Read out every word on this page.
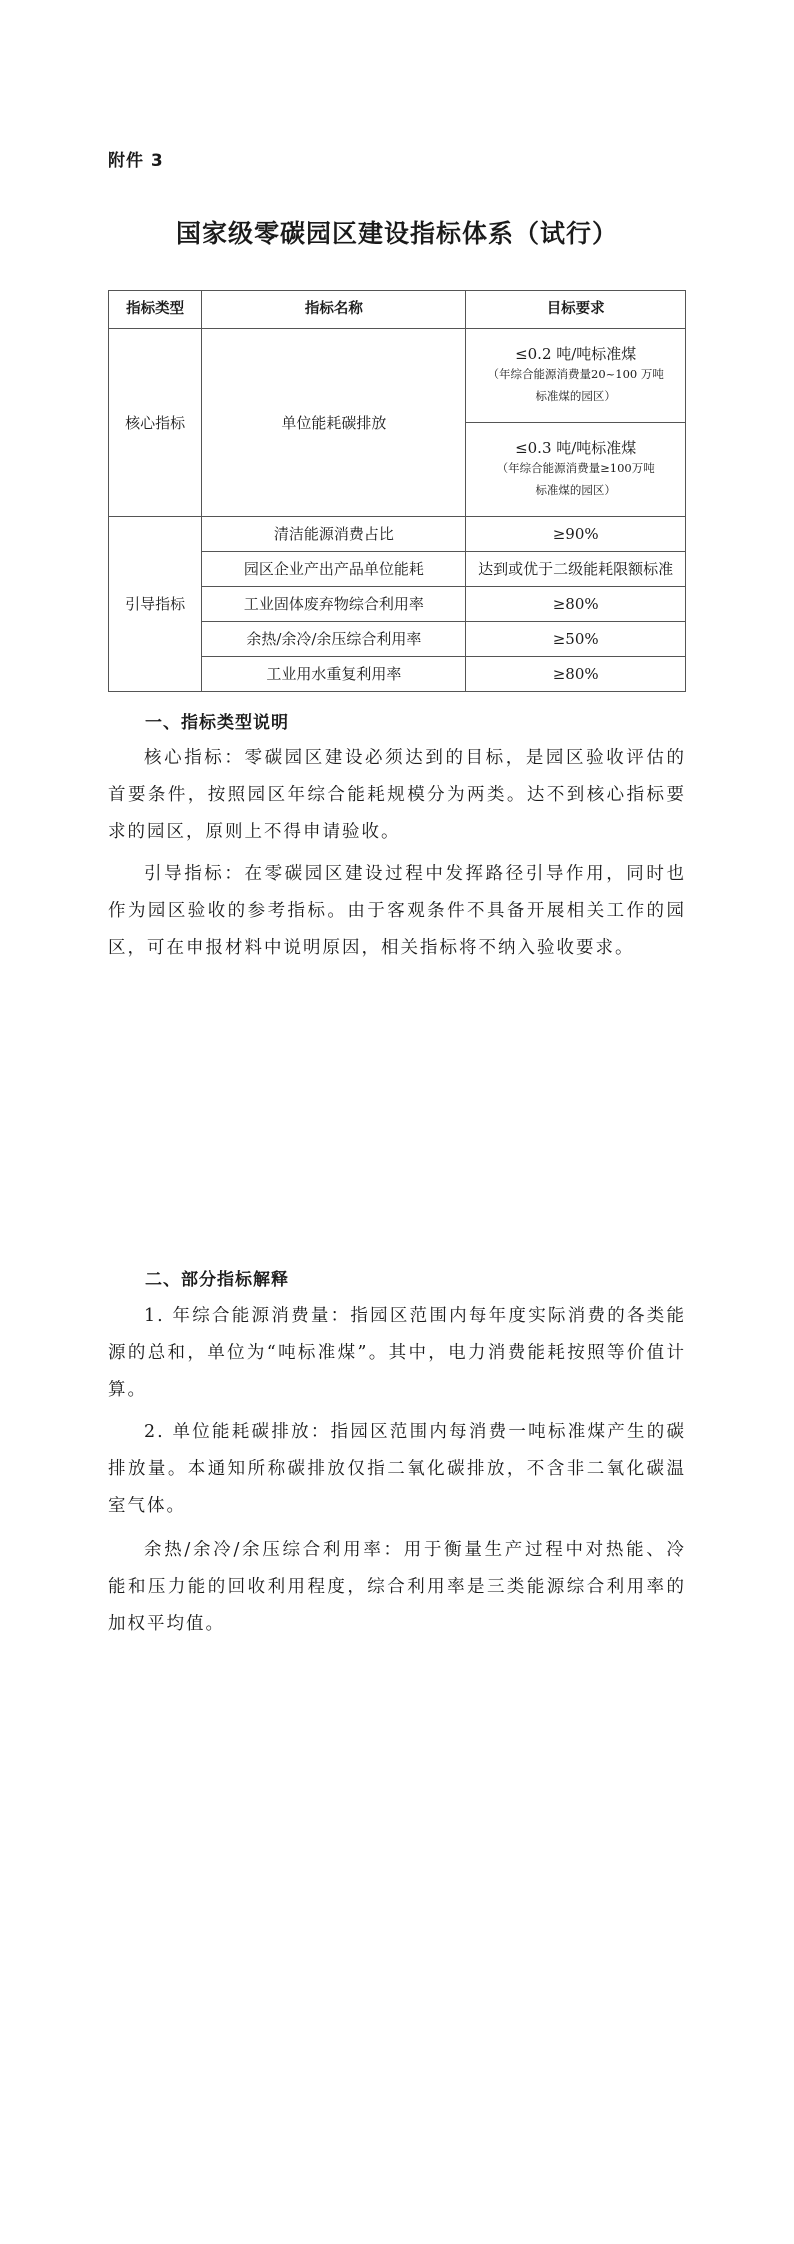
附件 3
国家级零碳园区建设指标体系（试行）
指标类型	指标名称	目标要求
核心指标	单位能耗碳排放	≤0.2 吨/吨标准煤
（年综合能源消费量20~100 万吨
标准煤的园区）

		≤0.3 吨/吨标准煤
（年综合能源消费量≥100万吨
标准煤的园区）

引导指标	清洁能源消费占比	≥90%
	园区企业产出产品单位能耗	达到或优于二级能耗限额标准
	工业固体废弃物综合利用率	≥80%
	余热/余冷/余压综合利用率	≥50%
	工业用水重复利用率	≥80%
一、指标类型说明

核心指标：零碳园区建设必须达到的目标，是园区验收评估的首要条件，按照园区年综合能耗规模分为两类。达不到核心指标要求的园区，原则上不得申请验收。

引导指标：在零碳园区建设过程中发挥路径引导作用，同时也作为园区验收的参考指标。由于客观条件不具备开展相关工作的园区，可在申报材料中说明原因，相关指标将不纳入验收要求。

二、部分指标解释

1. 年综合能源消费量：指园区范围内每年度实际消费的各类能源的总和，单位为“吨标准煤”。其中，电力消费能耗按照等价值计算。

2. 单位能耗碳排放：指园区范围内每消费一吨标准煤产生的碳排放量。本通知所称碳排放仅指二氧化碳排放，不含非二氧化碳温室气体。

余热/余冷/余压综合利用率：用于衡量生产过程中对热能、冷能和压力能的回收利用程度，综合利用率是三类能源综合利用率的加权平均值。
